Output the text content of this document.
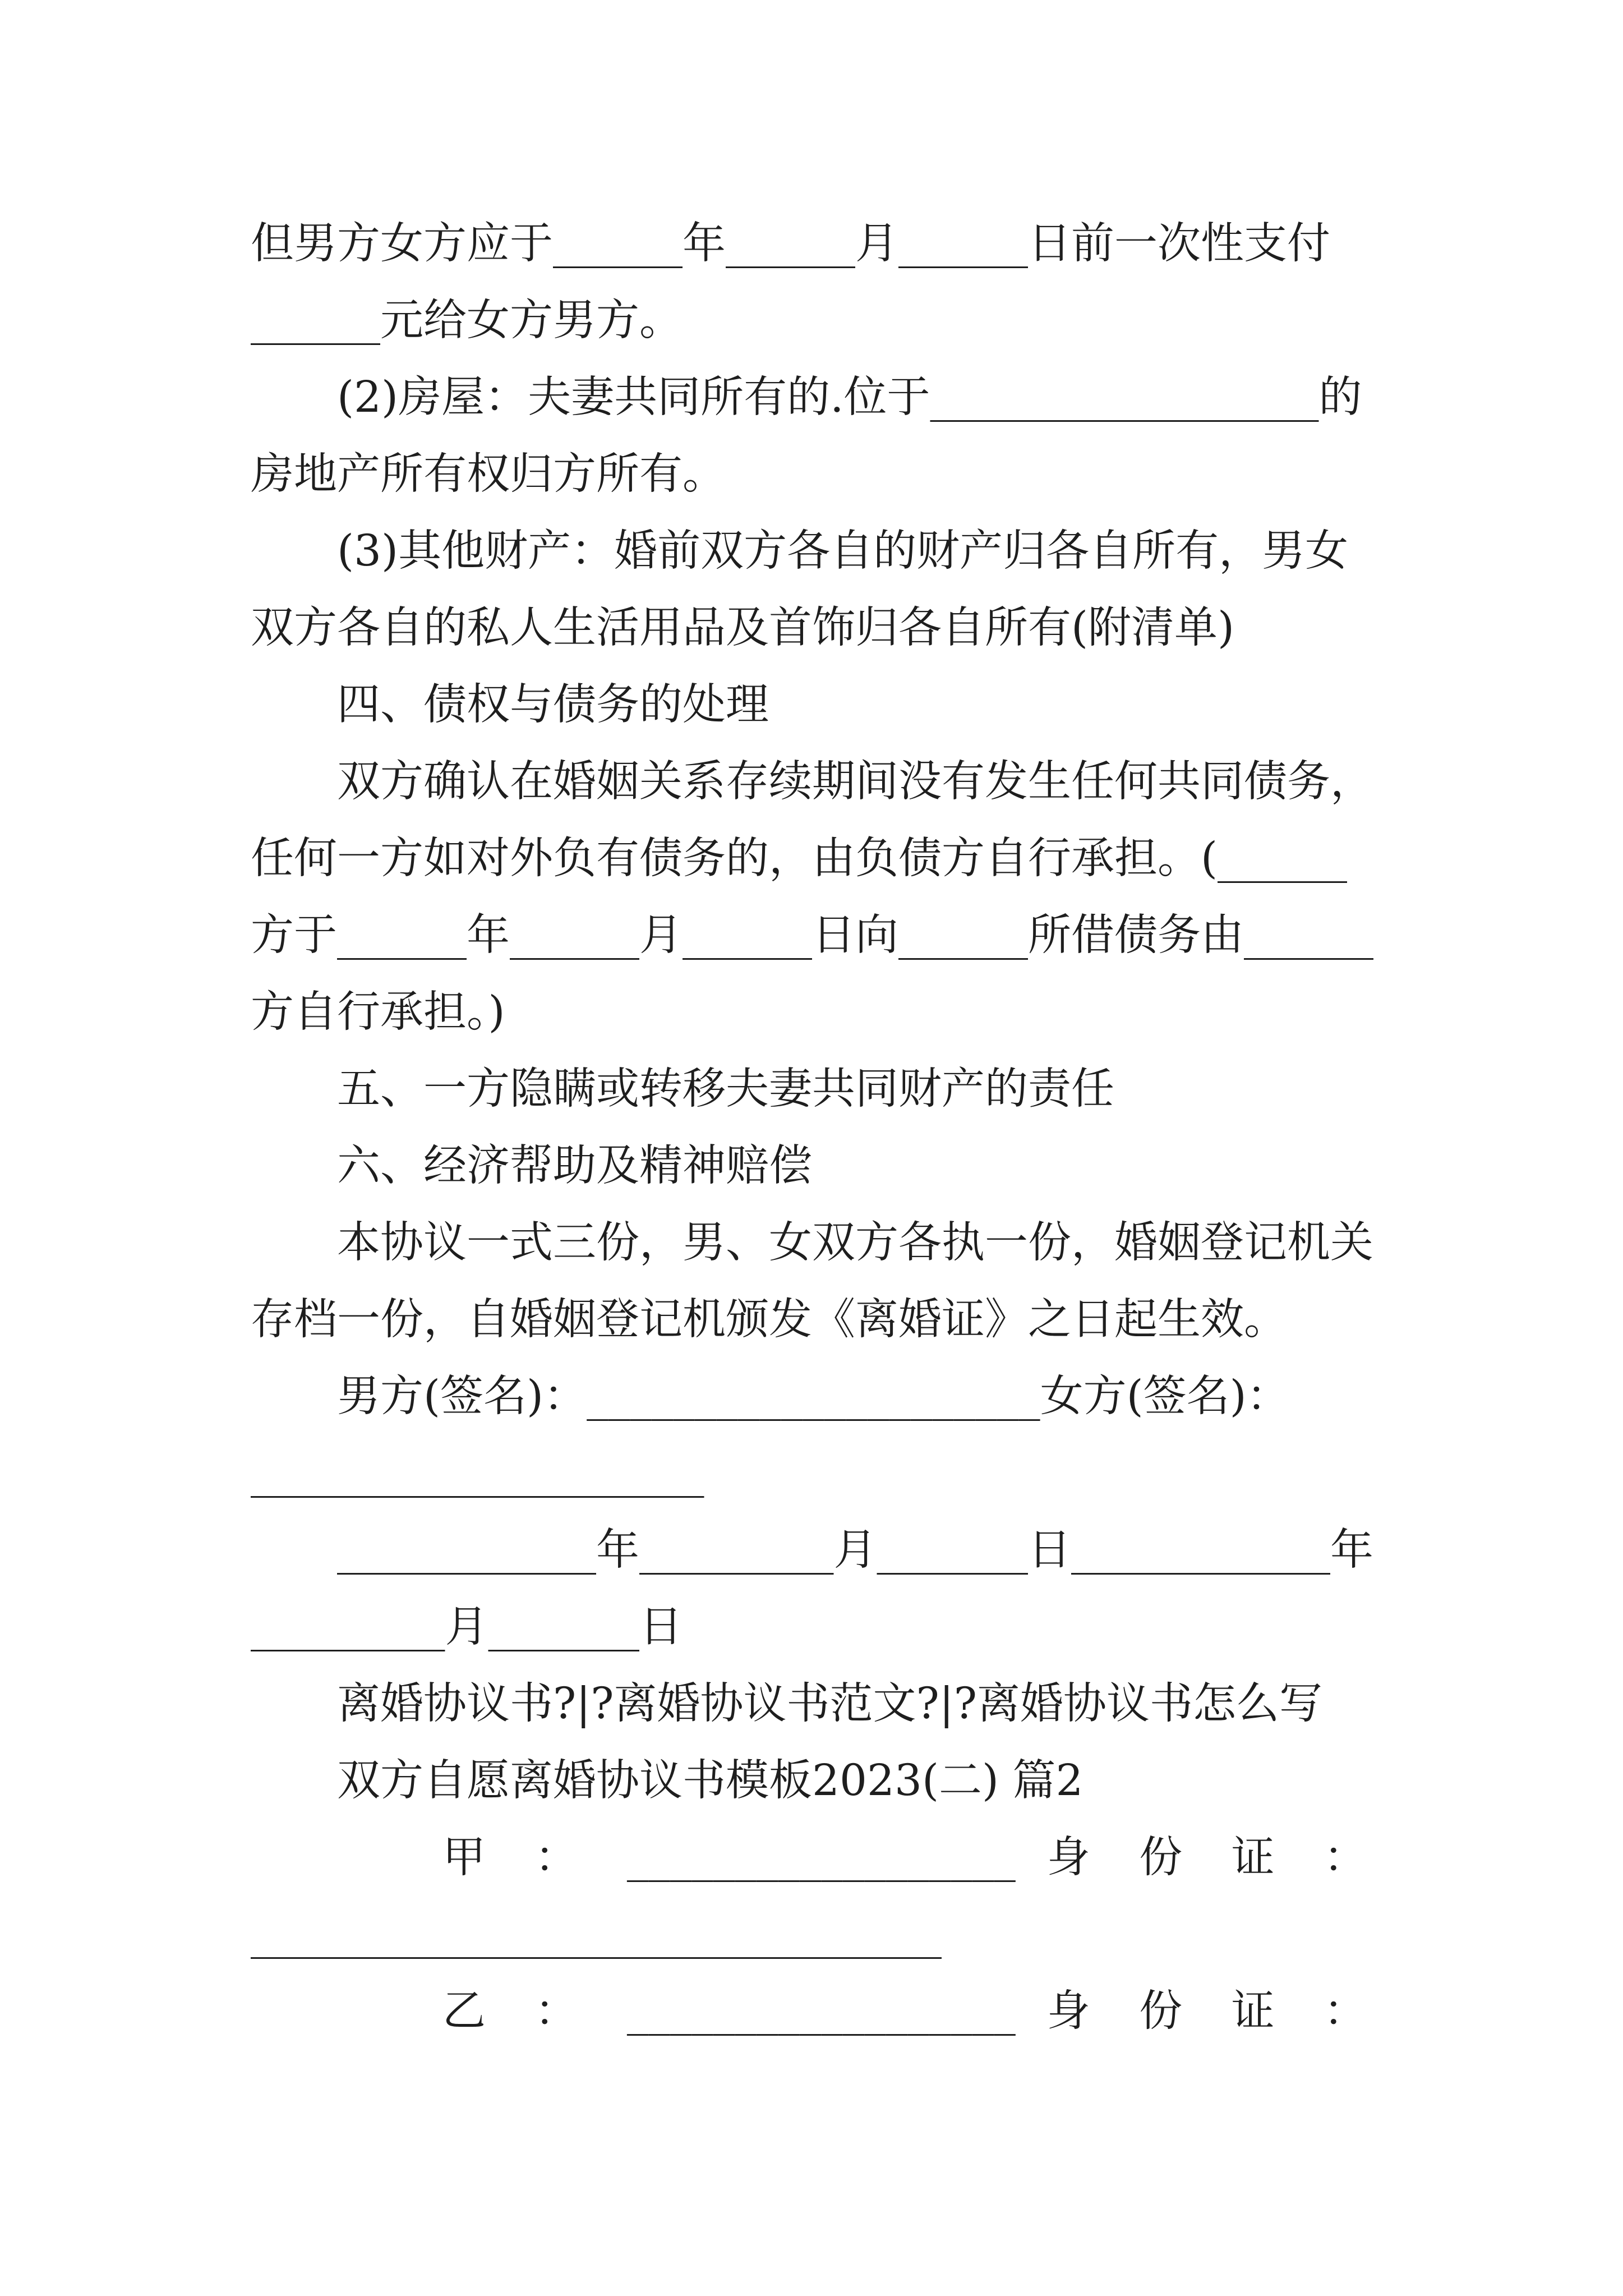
但男方女方应于______年______月______日前一次性支付
______元给女方男方。
(2)房屋：夫妻共同所有的.位于__________________的
房地产所有权归方所有。
(3)其他财产：婚前双方各自的财产归各自所有，男女
双方各自的私人生活用品及首饰归各自所有(附清单)
四、债权与债务的处理
双方确认在婚姻关系存续期间没有发生任何共同债务，
任何一方如对外负有债务的，由负债方自行承担。(______
方于______年______月______日向______所借债务由______
方自行承担。)
五、一方隐瞒或转移夫妻共同财产的责任
六、经济帮助及精神赔偿
本协议一式三份，男、女双方各执一份，婚姻登记机关
存档一份，自婚姻登记机颁发《离婚证》之日起生效。
男方(签名)：_____________________女方(签名)：
_____________________
____________年_________月_______日____________年
_________月_______日
离婚协议书?|?离婚协议书范文?|?离婚协议书怎么写
双方自愿离婚协议书模板2023(二) 篇2
甲 ： __________________ 身 份 证 ：
________________________________
乙 ： __________________ 身 份 证 ：
